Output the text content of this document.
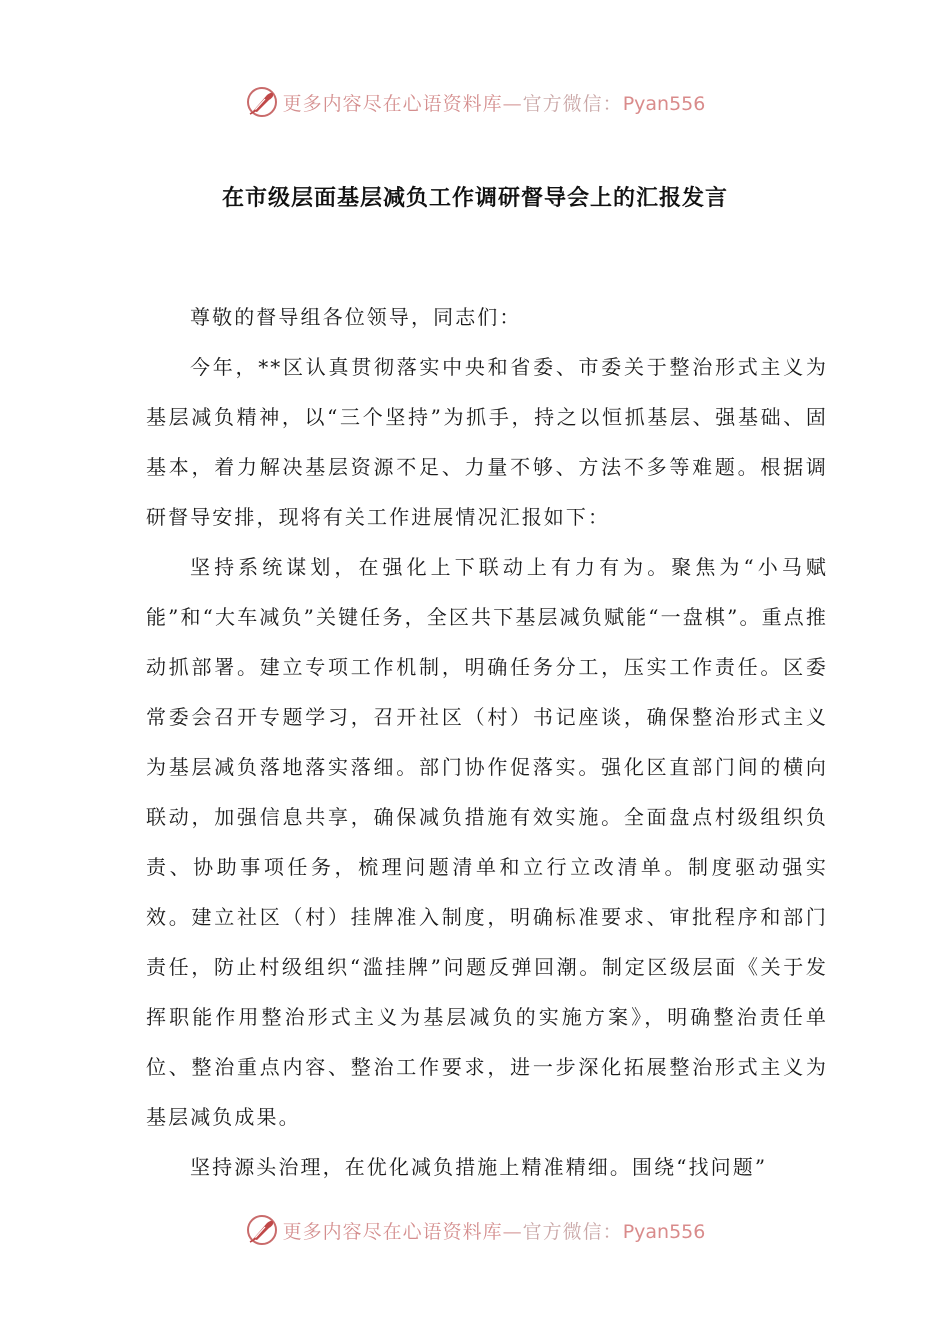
更多内容尽在心语资料库—官方微信：Pyan556
在市级层面基层减负工作调研督导会上的汇报发言

尊敬的督导组各位领导，同志们：

今年，**区认真贯彻落实中央和省委、市委关于整治形式主义为基层减负精神，以“三个坚持”为抓手，持之以恒抓基层、强基础、固基本，着力解决基层资源不足、力量不够、方法不多等难题。根据调研督导安排，现将有关工作进展情况汇报如下：

坚持系统谋划，在强化上下联动上有力有为。聚焦为“小马赋能”和“大车减负”关键任务，全区共下基层减负赋能“一盘棋”。重点推动抓部署。建立专项工作机制，明确任务分工，压实工作责任。区委常委会召开专题学习，召开社区（村）书记座谈，确保整治形式主义为基层减负落地落实落细。部门协作促落实。强化区直部门间的横向联动，加强信息共享，确保减负措施有效实施。全面盘点村级组织负责、协助事项任务，梳理问题清单和立行立改清单。制度驱动强实效。建立社区（村）挂牌准入制度，明确标准要求、审批程序和部门责任，防止村级组织“滥挂牌”问题反弹回潮。制定区级层面《关于发挥职能作用整治形式主义为基层减负的实施方案》，明确整治责任单位、整治重点内容、整治工作要求，进一步深化拓展整治形式主义为基层减负成果。

坚持源头治理，在优化减负措施上精准精细。围绕“找问题”

更多内容尽在心语资料库—官方微信：Pyan556
